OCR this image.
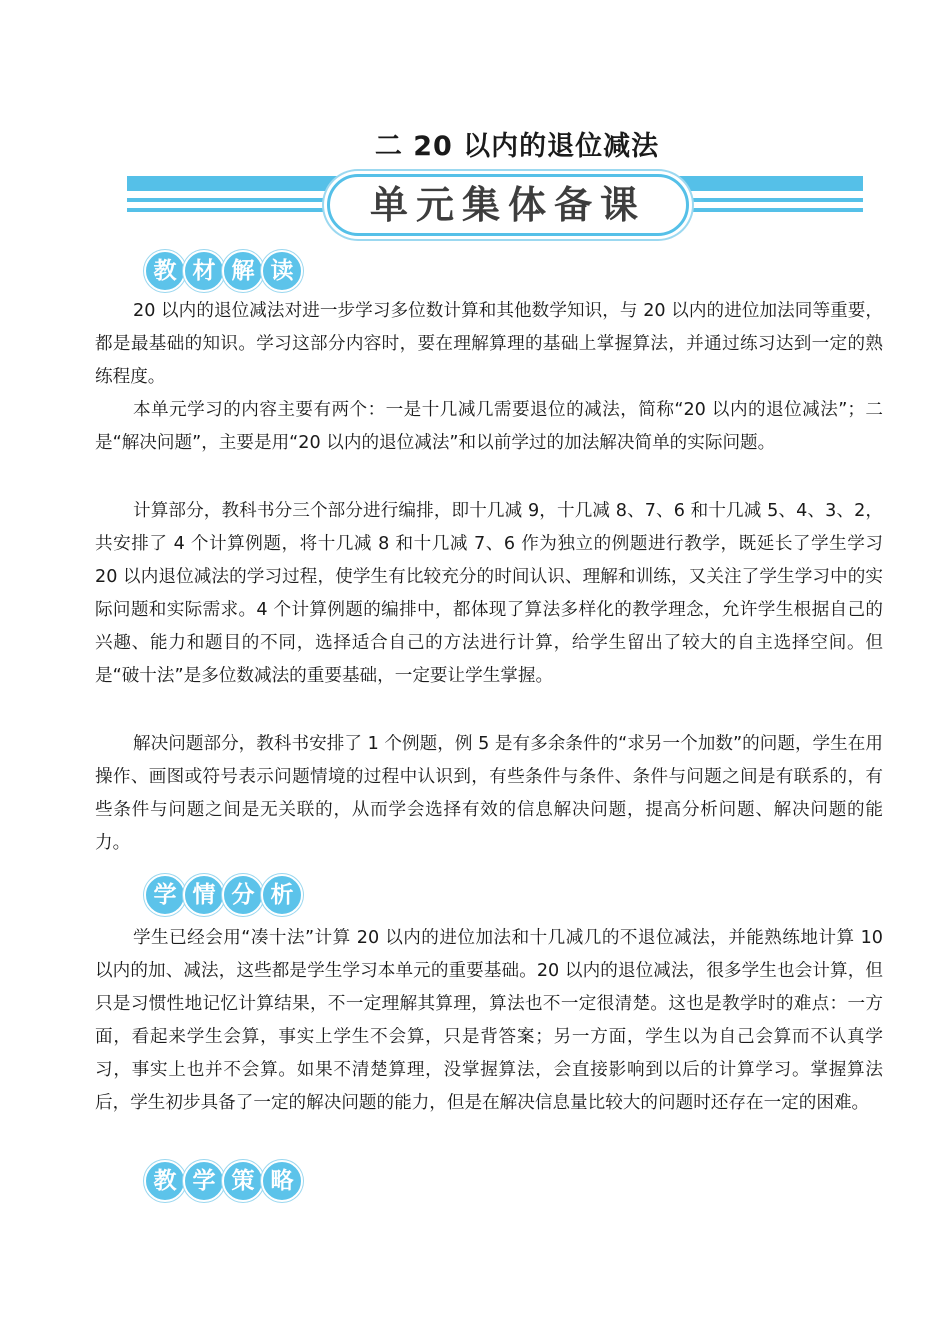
二 20 以内的退位减法
单元集体备课
教 材 解 读

20 以内的退位减法对进一步学习多位数计算和其他数学知识，与 20 以内的进位加法同等重要，都是最基础的知识。学习这部分内容时，要在理解算理的基础上掌握算法，并通过练习达到一定的熟练程度。

本单元学习的内容主要有两个：一是十几减几需要退位的减法，简称“20 以内的退位减法”；二是“解决问题”，主要是用“20 以内的退位减法”和以前学过的加法解决简单的实际问题。

计算部分，教科书分三个部分进行编排，即十几减 9，十几减 8、7、6 和十几减 5、4、3、2，共安排了 4 个计算例题，将十几减 8 和十几减 7、6 作为独立的例题进行教学，既延长了学生学习 20 以内退位减法的学习过程，使学生有比较充分的时间认识、理解和训练，又关注了学生学习中的实际问题和实际需求。4 个计算例题的编排中，都体现了算法多样化的教学理念，允许学生根据自己的兴趣、能力和题目的不同，选择适合自己的方法进行计算，给学生留出了较大的自主选择空间。但是“破十法”是多位数减法的重要基础，一定要让学生掌握。

解决问题部分，教科书安排了 1 个例题，例 5 是有多余条件的“求另一个加数”的问题，学生在用操作、画图或符号表示问题情境的过程中认识到，有些条件与条件、条件与问题之间是有联系的，有些条件与问题之间是无关联的，从而学会选择有效的信息解决问题，提高分析问题、解决问题的能力。

学 情 分 析

学生已经会用“凑十法”计算 20 以内的进位加法和十几减几的不退位减法，并能熟练地计算 10 以内的加、减法，这些都是学生学习本单元的重要基础。20 以内的退位减法，很多学生也会计算，但只是习惯性地记忆计算结果，不一定理解其算理，算法也不一定很清楚。这也是教学时的难点：一方面，看起来学生会算，事实上学生不会算，只是背答案；另一方面，学生以为自己会算而不认真学习，事实上也并不会算。如果不清楚算理，没掌握算法，会直接影响到以后的计算学习。掌握算法后，学生初步具备了一定的解决问题的能力，但是在解决信息量比较大的问题时还存在一定的困难。

教 学 策 略
